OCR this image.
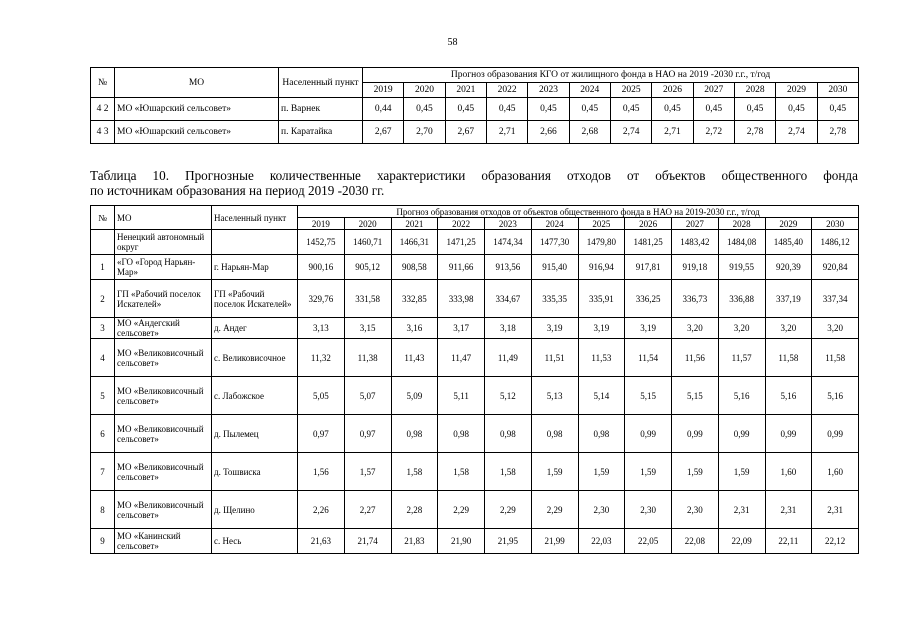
58
№	МО	Населенный пункт	Прогноз образования КГО от жилищного фонда в НАО на 2019 -2030 г.г., т/год											
			2019	2020	2021	2022	2023	2024	2025	2026	2027	2028	2029	2030
4 2	МО «Юшарский сельсовет»	п. Варнек	0,44	0,45	0,45	0,45	0,45	0,45	0,45	0,45	0,45	0,45	0,45	0,45
4 3	МО «Юшарский сельсовет»	п. Каратайка	2,67	2,70	2,67	2,71	2,66	2,68	2,74	2,71	2,72	2,78	2,74	2,78
Таблица 10. Прогнозные количественные характеристики образования отходов от объектов общественного фонда
по источникам образования на период 2019 -2030 гг.
№	МО	Населенный пункт	Прогноз образования отходов от объектов общественного фонда в НАО на 2019-2030 г.г., т/год											
			2019	2020	2021	2022	2023	2024	2025	2026	2027	2028	2029	2030
	Ненецкий автономный округ		1452,75	1460,71	1466,31	1471,25	1474,34	1477,30	1479,80	1481,25	1483,42	1484,08	1485,40	1486,12
1	«ГО «Город Нарьян-Мар»	г. Нарьян-Мар	900,16	905,12	908,58	911,66	913,56	915,40	916,94	917,81	919,18	919,55	920,39	920,84
2	ГП «Рабочий поселок Искателей»	ГП «Рабочий поселок Искателей»	329,76	331,58	332,85	333,98	334,67	335,35	335,91	336,25	336,73	336,88	337,19	337,34
3	МО «Андегский сельсовет»	д. Андег	3,13	3,15	3,16	3,17	3,18	3,19	3,19	3,19	3,20	3,20	3,20	3,20
4	МО «Великовисочный сельсовет»	с. Великовисочное	11,32	11,38	11,43	11,47	11,49	11,51	11,53	11,54	11,56	11,57	11,58	11,58
5	МО «Великовисочный сельсовет»	с. Лабожское	5,05	5,07	5,09	5,11	5,12	5,13	5,14	5,15	5,15	5,16	5,16	5,16
6	МО «Великовисочный сельсовет»	д. Пылемец	0,97	0,97	0,98	0,98	0,98	0,98	0,98	0,99	0,99	0,99	0,99	0,99
7	МО «Великовисочный сельсовет»	д. Тошвиска	1,56	1,57	1,58	1,58	1,58	1,59	1,59	1,59	1,59	1,59	1,60	1,60
8	МО «Великовисочный сельсовет»	д. Щелино	2,26	2,27	2,28	2,29	2,29	2,29	2,30	2,30	2,30	2,31	2,31	2,31
9	МО «Канинский сельсовет»	с. Несь	21,63	21,74	21,83	21,90	21,95	21,99	22,03	22,05	22,08	22,09	22,11	22,12
